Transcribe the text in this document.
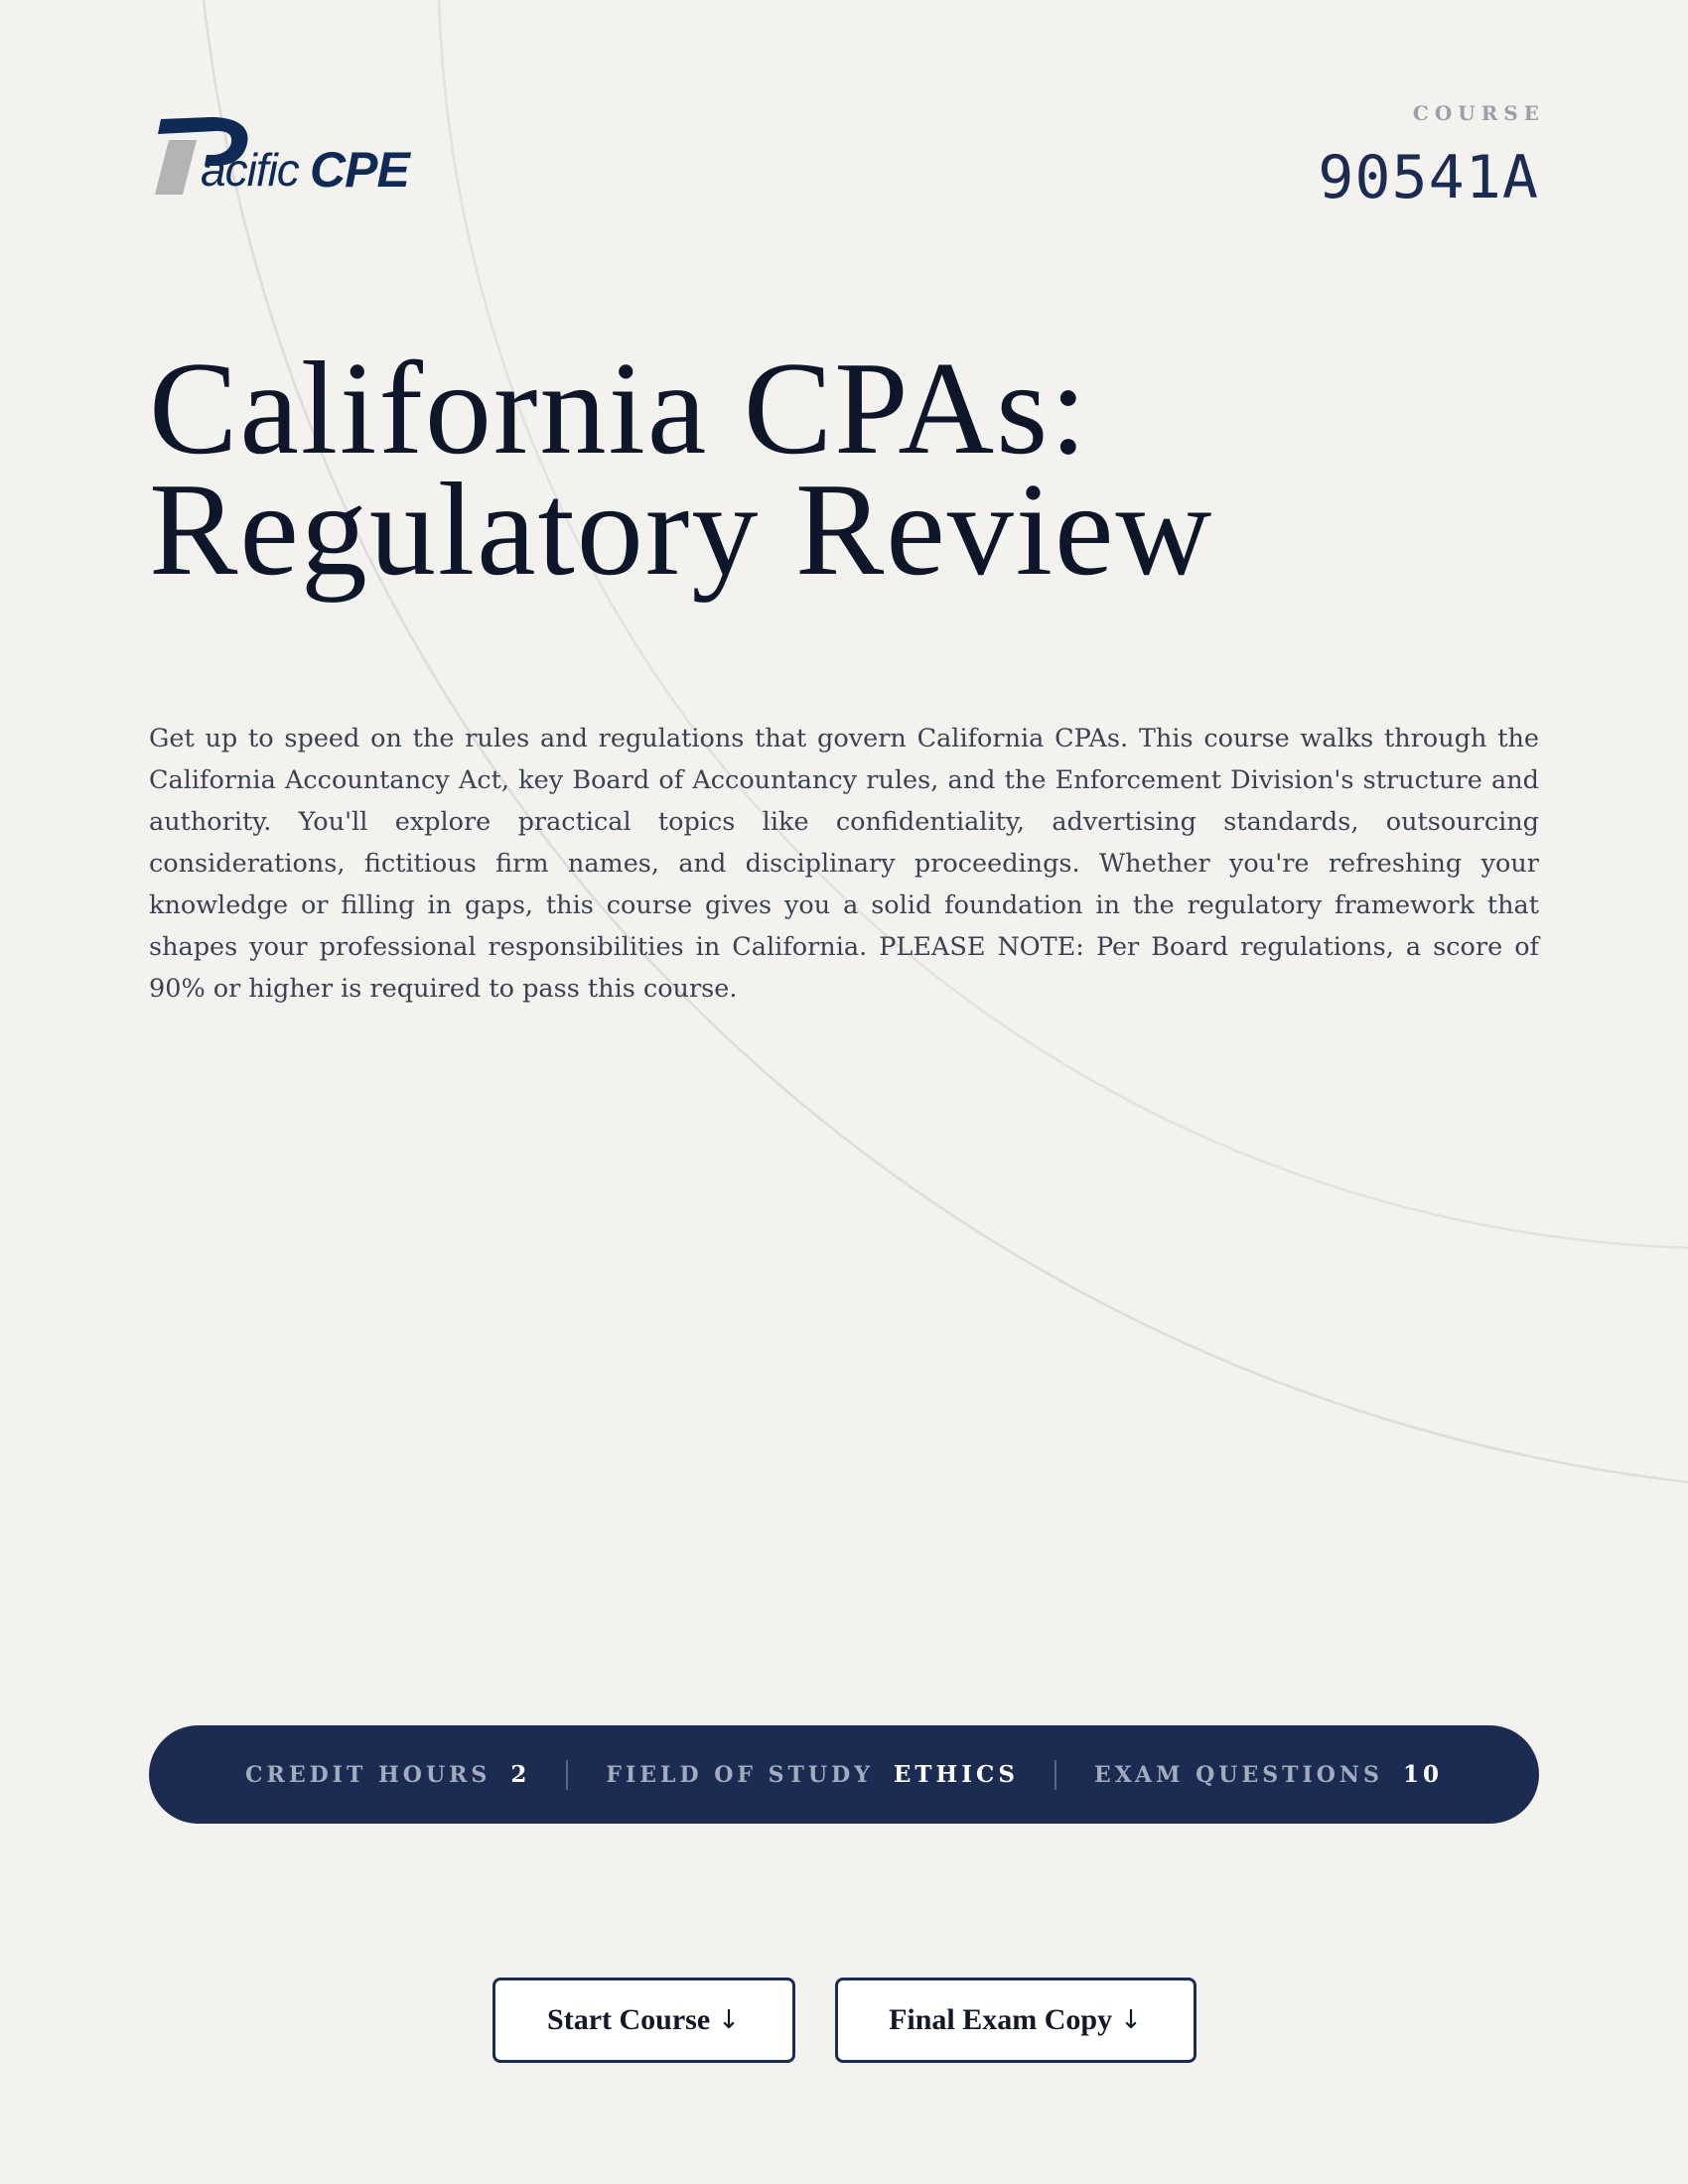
acific CPE
COURSE
90541A
California CPAs:
Regulatory Review

Get up to speed on the rules and regulations that govern California CPAs. This course walks through the California Accountancy Act, key Board of Accountancy rules, and the Enforcement Division's structure and authority. You'll explore practical topics like confidentiality, advertising standards, outsourcing considerations, fictitious firm names, and disciplinary proceedings. Whether you're refreshing your knowledge or filling in gaps, this course gives you a solid foundation in the regulatory framework that shapes your professional responsibilities in California. PLEASE NOTE: Per Board regulations, a score of 90% or higher is required to pass this course.

CREDIT HOURS 2	FIELD OF STUDY ETHICS	EXAM QUESTIONS 10
Start Course ↓	Final Exam Copy ↓
